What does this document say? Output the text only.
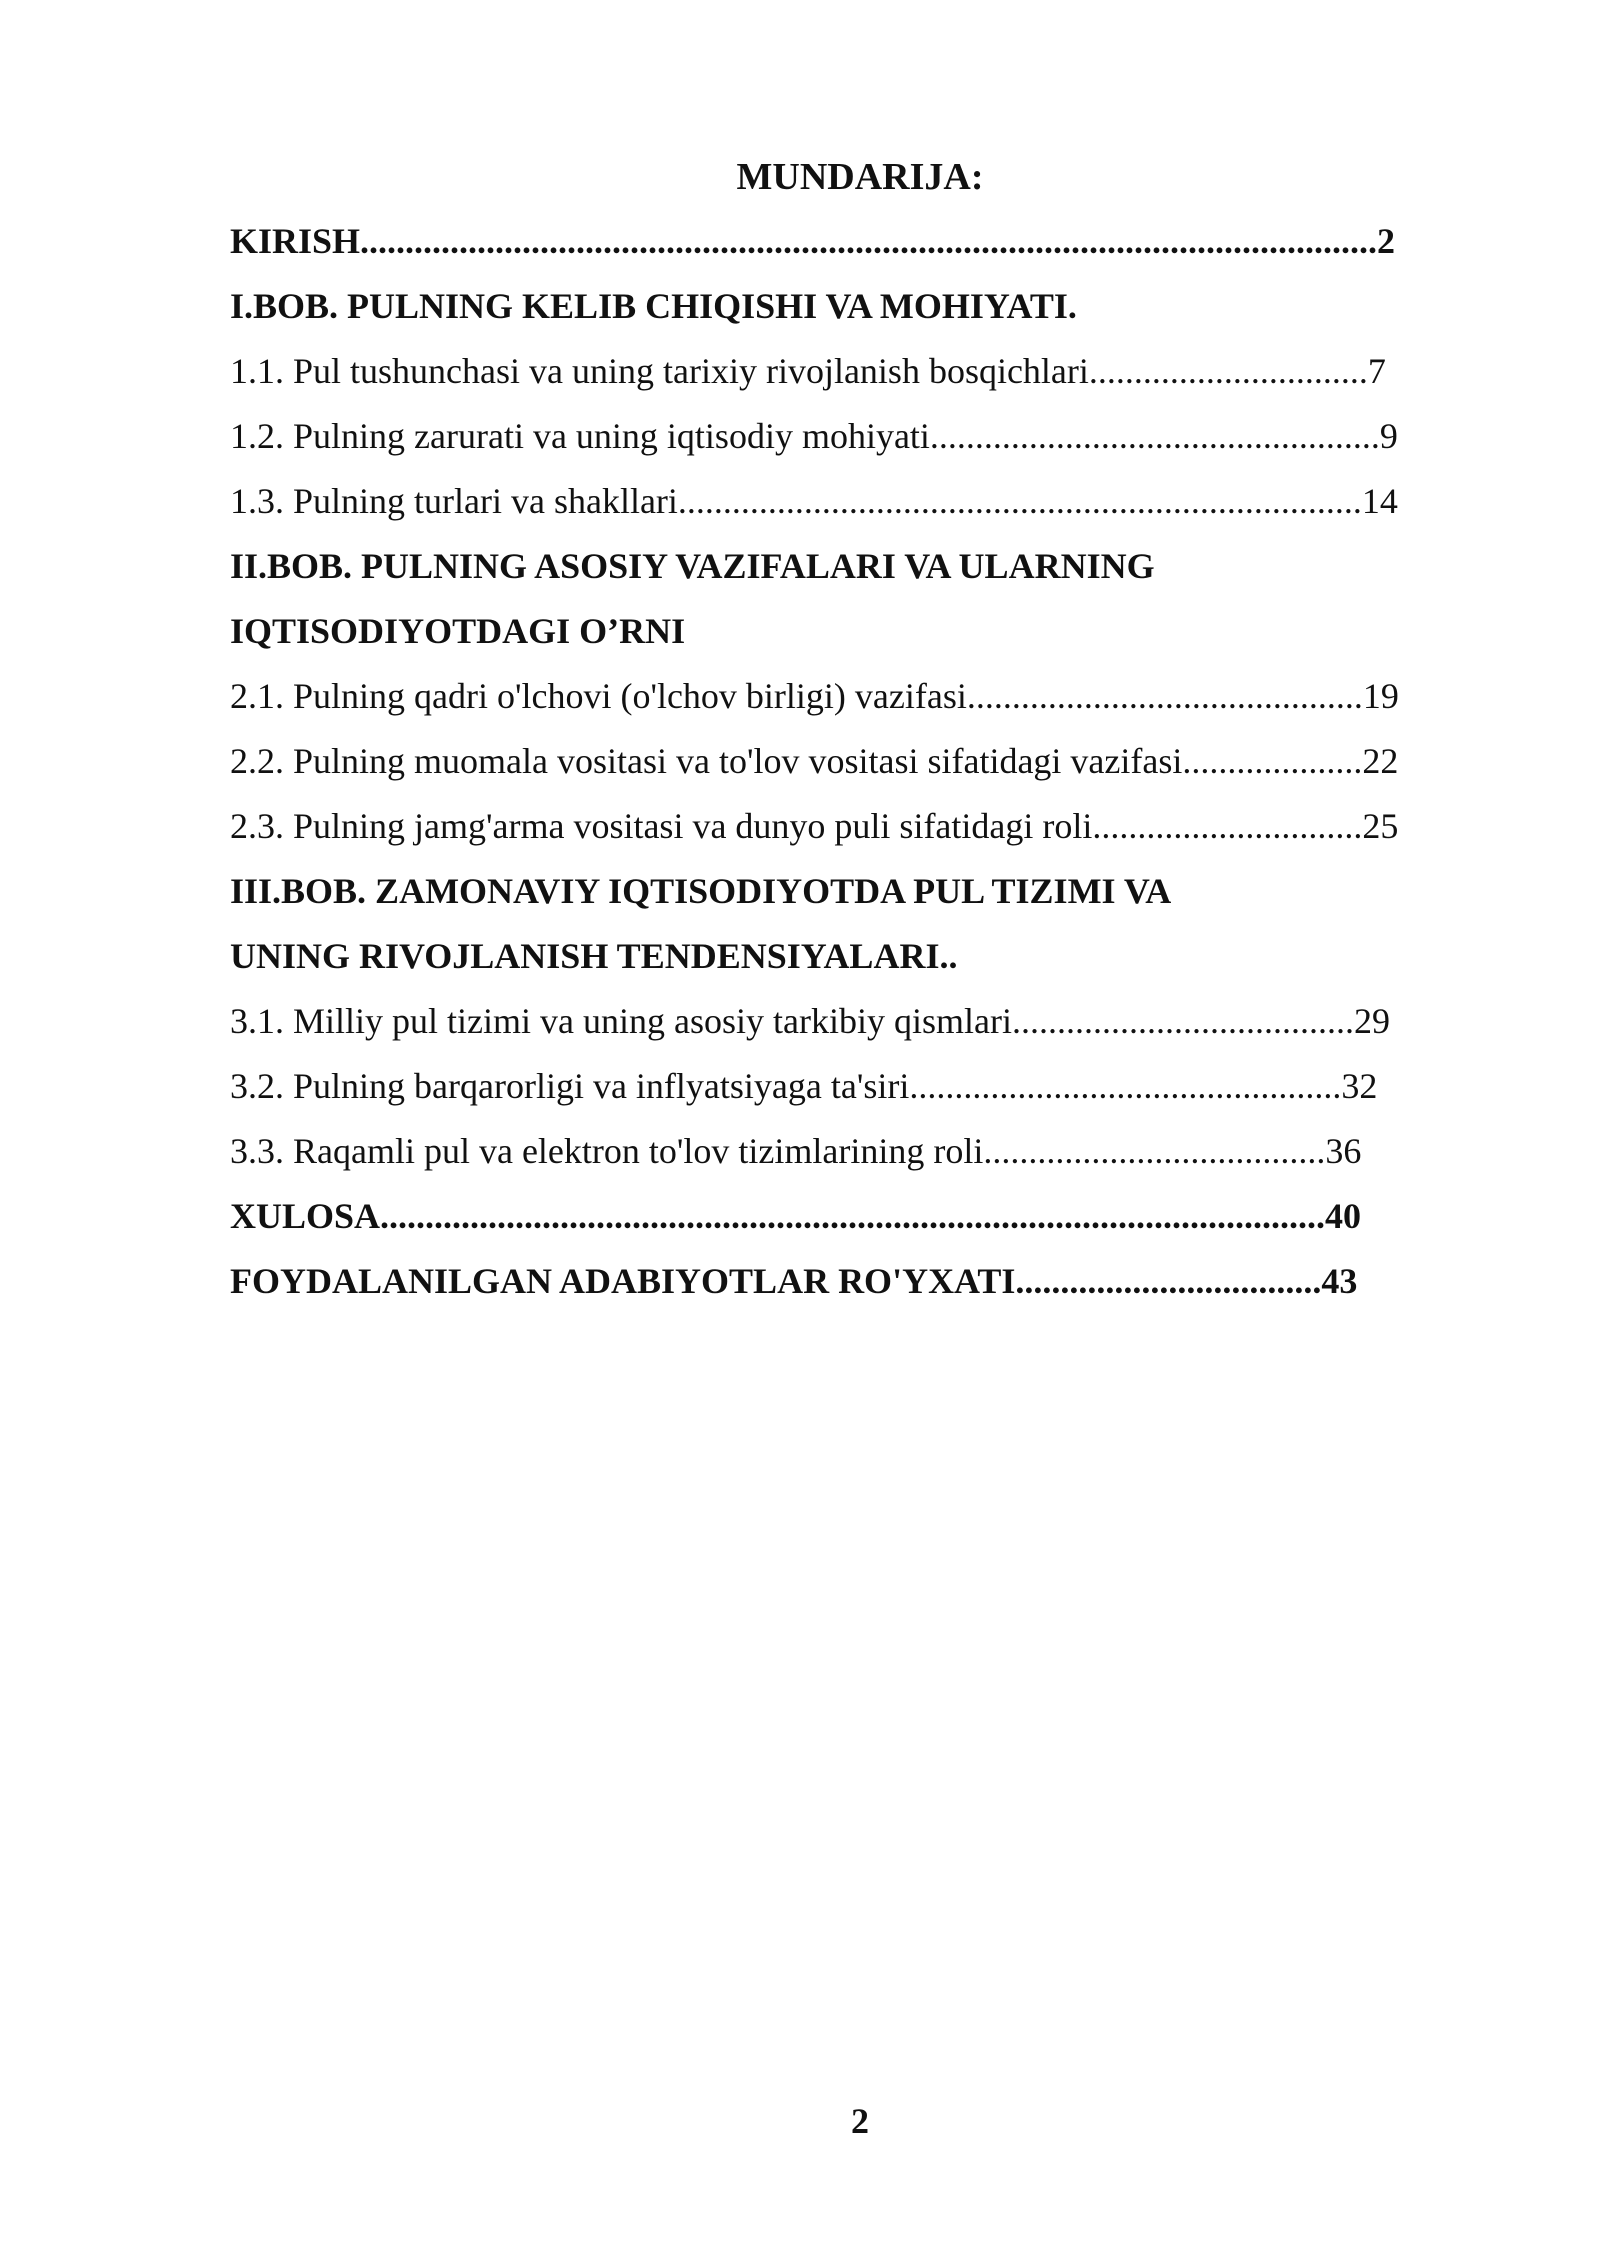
MUNDARIJA:
KIRISH.................................................................................................................2
I.BOB. PULNING KELIB CHIQISHI VA MOHIYATI.
1.1. Pul tushunchasi va uning tarixiy rivojlanish bosqichlari...............................7
1.2. Pulning zarurati va uning iqtisodiy mohiyati..................................................9
1.3. Pulning turlari va shakllari............................................................................14
II.BOB. PULNING ASOSIY VAZIFALARI VA ULARNING
IQTISODIYOTDAGI O’RNI
2.1. Pulning qadri o'lchovi (o'lchov birligi) vazifasi............................................19
2.2. Pulning muomala vositasi va to'lov vositasi sifatidagi vazifasi....................22
2.3. Pulning jamg'arma vositasi va dunyo puli sifatidagi roli..............................25
III.BOB. ZAMONAVIY IQTISODIYOTDA PUL TIZIMI VA
UNING RIVOJLANISH TENDENSIYALARI..
3.1. Milliy pul tizimi va uning asosiy tarkibiy qismlari......................................29
3.2. Pulning barqarorligi va inflyatsiyaga ta'siri................................................32
3.3. Raqamli pul va elektron to'lov tizimlarining roli......................................36
XULOSA.........................................................................................................40
FOYDALANILGAN ADABIYOTLAR RO'YXATI..................................43
2
